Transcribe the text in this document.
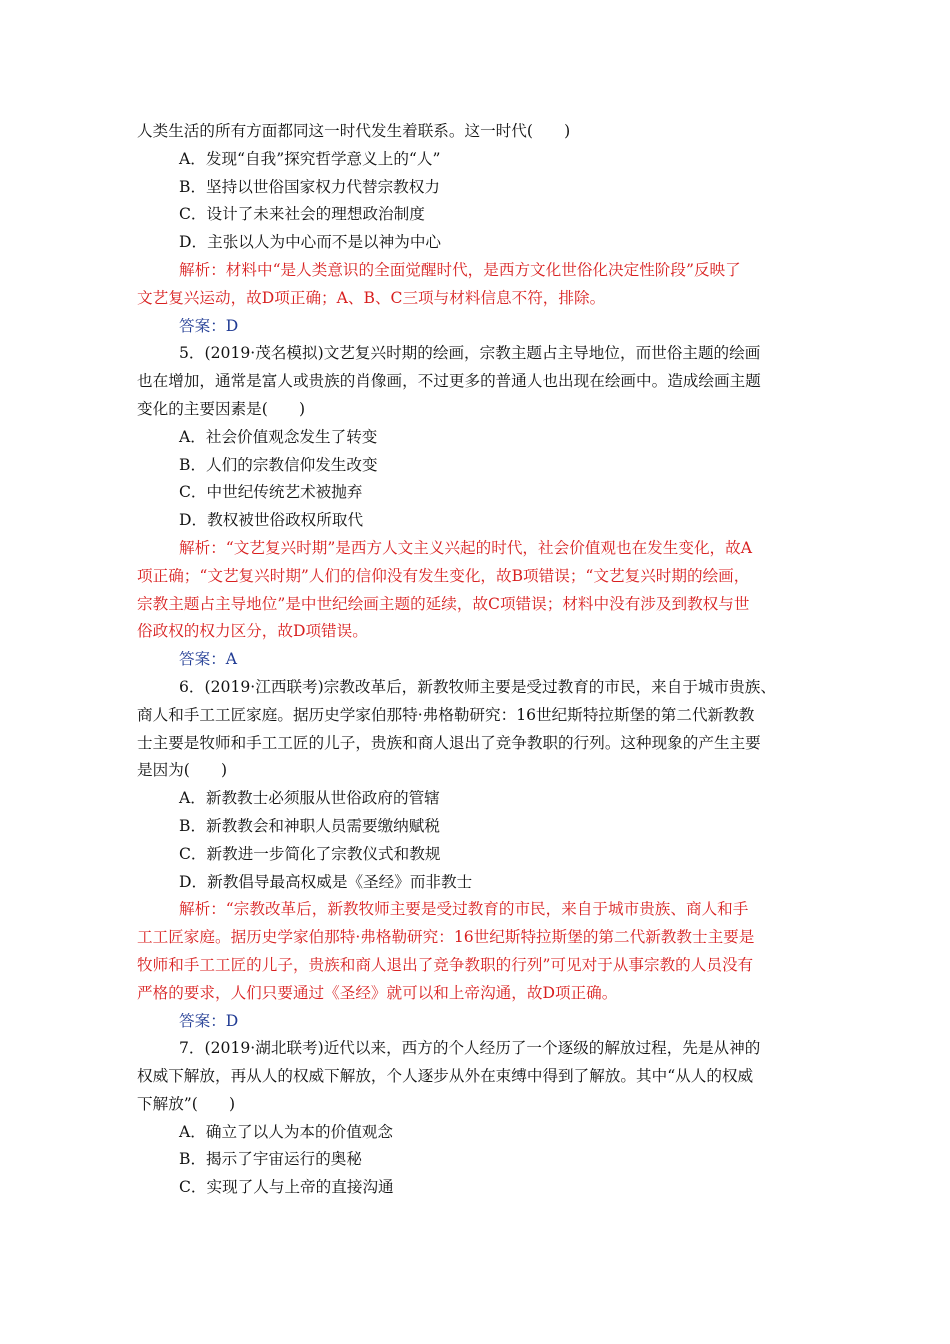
人类生活的所有方面都同这一时代发生着联系。这一时代(　　)
A．发现“自我”探究哲学意义上的“人”
B．坚持以世俗国家权力代替宗教权力
C．设计了未来社会的理想政治制度
D．主张以人为中心而不是以神为中心
解析：材料中“是人类意识的全面觉醒时代，是西方文化世俗化决定性阶段”反映了
文艺复兴运动，故D项正确；A、B、C三项与材料信息不符，排除。
答案：D
5．(2019·茂名模拟)文艺复兴时期的绘画，宗教主题占主导地位，而世俗主题的绘画
也在增加，通常是富人或贵族的肖像画，不过更多的普通人也出现在绘画中。造成绘画主题
变化的主要因素是(　　)
A．社会价值观念发生了转变
B．人们的宗教信仰发生改变
C．中世纪传统艺术被抛弃
D．教权被世俗政权所取代
解析：“文艺复兴时期”是西方人文主义兴起的时代，社会价值观也在发生变化，故A
项正确；“文艺复兴时期”人们的信仰没有发生变化，故B项错误；“文艺复兴时期的绘画，
宗教主题占主导地位”是中世纪绘画主题的延续，故C项错误；材料中没有涉及到教权与世
俗政权的权力区分，故D项错误。
答案：A
6．(2019·江西联考)宗教改革后，新教牧师主要是受过教育的市民，来自于城市贵族、
商人和手工工匠家庭。据历史学家伯那特·弗格勒研究：16世纪斯特拉斯堡的第二代新教教
士主要是牧师和手工工匠的儿子，贵族和商人退出了竞争教职的行列。这种现象的产生主要
是因为(　　)
A．新教教士必须服从世俗政府的管辖
B．新教教会和神职人员需要缴纳赋税
C．新教进一步简化了宗教仪式和教规
D．新教倡导最高权威是《圣经》而非教士
解析：“宗教改革后，新教牧师主要是受过教育的市民，来自于城市贵族、商人和手
工工匠家庭。据历史学家伯那特·弗格勒研究：16世纪斯特拉斯堡的第二代新教教士主要是
牧师和手工工匠的儿子，贵族和商人退出了竞争教职的行列”可见对于从事宗教的人员没有
严格的要求，人们只要通过《圣经》就可以和上帝沟通，故D项正确。
答案：D
7．(2019·湖北联考)近代以来，西方的个人经历了一个逐级的解放过程，先是从神的
权威下解放，再从人的权威下解放，个人逐步从外在束缚中得到了解放。其中“从人的权威
下解放”(　　)
A．确立了以人为本的价值观念
B．揭示了宇宙运行的奥秘
C．实现了人与上帝的直接沟通
